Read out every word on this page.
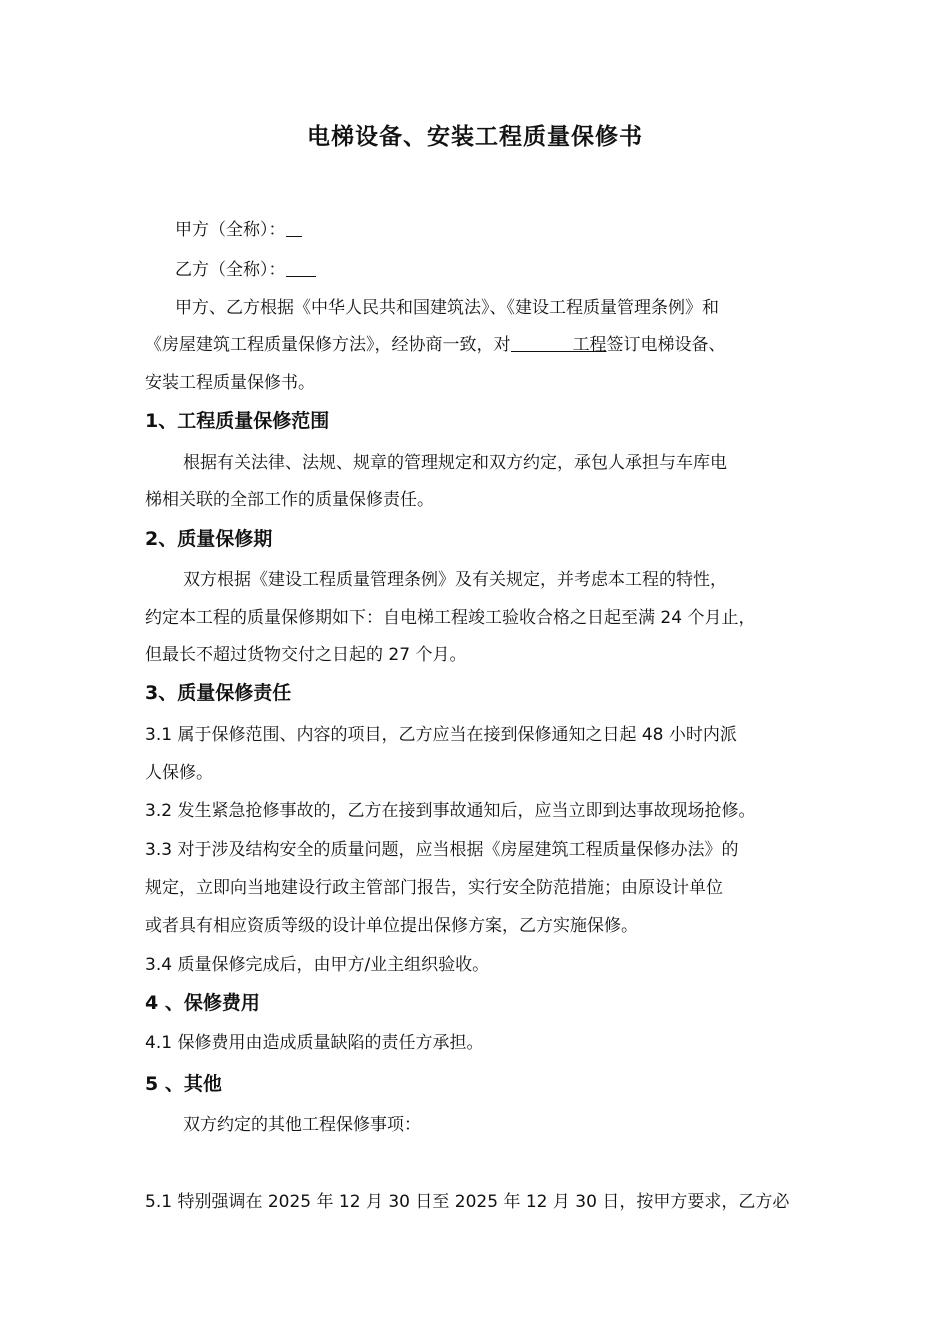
电梯设备、安装工程质量保修书
甲方（全称）：
乙方（全称）：
甲方、乙方根据《中华人民共和国建筑法》、《建设工程质量管理条例》和
《房屋建筑工程质量保修方法》，经协商一致，对	工程签订电梯设备、
安装工程质量保修书。
1、工程质量保修范围
根据有关法律、法规、规章的管理规定和双方约定，承包人承担与车库电
梯相关联的全部工作的质量保修责任。
2、质量保修期
双方根据《建设工程质量管理条例》及有关规定，并考虑本工程的特性，
约定本工程的质量保修期如下：自电梯工程竣工验收合格之日起至满 24 个月止，
但最长不超过货物交付之日起的 27 个月。
3、质量保修责任
3.1 属于保修范围、内容的项目，乙方应当在接到保修通知之日起 48 小时内派
人保修。
3.2 发生紧急抢修事故的，乙方在接到事故通知后，应当立即到达事故现场抢修。
3.3 对于涉及结构安全的质量问题，应当根据《房屋建筑工程质量保修办法》的
规定，立即向当地建设行政主管部门报告，实行安全防范措施；由原设计单位
或者具有相应资质等级的设计单位提出保修方案，乙方实施保修。
3.4 质量保修完成后，由甲方/业主组织验收。
4 、保修费用
4.1 保修费用由造成质量缺陷的责任方承担。
5 、其他
双方约定的其他工程保修事项：
5.1 特别强调在 2025 年 12 月 30 日至 2025 年 12 月 30 日，按甲方要求，乙方必
